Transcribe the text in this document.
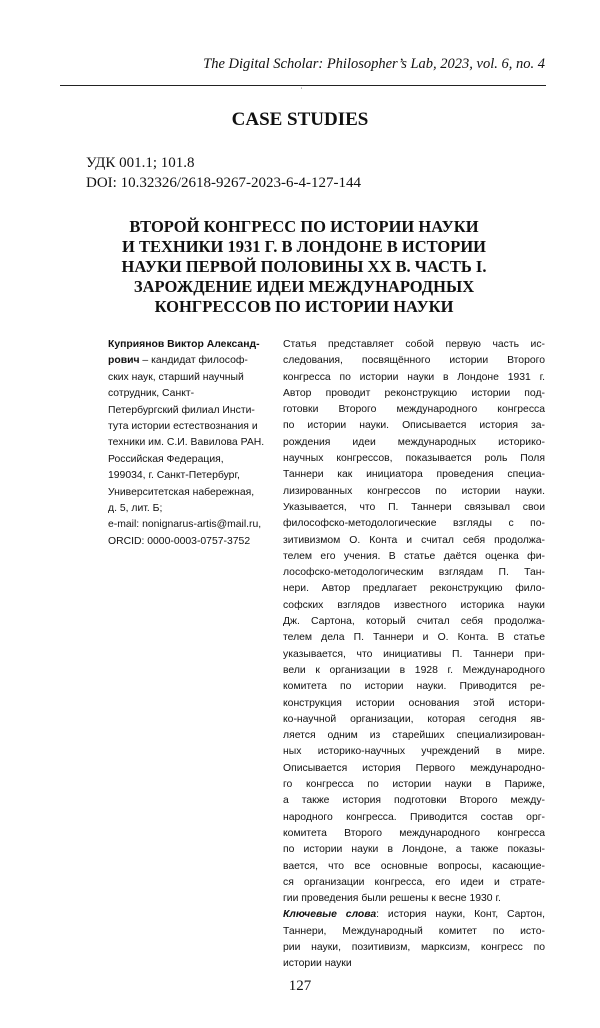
The Digital Scholar: Philosopher’s Lab, 2023, vol. 6, no. 4
˙
CASE STUDIES
УДК 001.1; 101.8
DOI: 10.32326/2618-9267-2023-6-4-127-144
ВТОРОЙ КОНГРЕСС ПО ИСТОРИИ НАУКИ
И ТЕХНИКИ 1931 Г. В ЛОНДОНЕ В ИСТОРИИ
НАУКИ ПЕРВОЙ ПОЛОВИНЫ XX В. ЧАСТЬ I.
ЗАРОЖДЕНИЕ ИДЕИ МЕЖДУНАРОДНЫХ
КОНГРЕССОВ ПО ИСТОРИИ НАУКИ
Куприянов Виктор Александ-
рович – кандидат философ-
ских наук, старший научный
сотрудник, Санкт-
Петербургский филиал Инсти-
тута истории естествознания и
техники им. С.И. Вавилова РАН.
Российская Федерация,
199034, г. Санкт-Петербург,
Университетская набережная,
д. 5, лит. Б;
e-mail: nonignarus-artis@mail.ru,
ORCID: 0000-0003-0757-3752
Статья представляет собой первую часть ис-
следования, посвящённого истории Второго
конгресса по истории науки в Лондоне 1931 г.
Автор проводит реконструкцию истории под-
готовки Второго международного конгресса
по истории науки. Описывается история за-
рождения идеи международных историко-
научных конгрессов, показывается роль Поля
Таннери как инициатора проведения специа-
лизированных конгрессов по истории науки.
Указывается, что П. Таннери связывал свои
философско-методологические взгляды с по-
зитивизмом О. Конта и считал себя продолжа-
телем его учения. В статье даётся оценка фи-
лософско-методологическим взглядам П. Тан-
нери. Автор предлагает реконструкцию фило-
софских взглядов известного историка науки
Дж. Сартона, который считал себя продолжа-
телем дела П. Таннери и О. Конта. В статье
указывается, что инициативы П. Таннери при-
вели к организации в 1928 г. Международного
комитета по истории науки. Приводится ре-
конструкция истории основания этой истори-
ко-научной организации, которая сегодня яв-
ляется одним из старейших специализирован-
ных историко-научных учреждений в мире.
Описывается история Первого международно-
го конгресса по истории науки в Париже,
а также история подготовки Второго между-
народного конгресса. Приводится состав орг-
комитета Второго международного конгресса
по истории науки в Лондоне, а также показы-
вается, что все основные вопросы, касающие-
ся организации конгресса, его идеи и страте-
гии проведения были решены к весне 1930 г.
Ключевые слова: история науки, Конт, Сартон,
Таннери, Международный комитет по исто-
рии науки, позитивизм, марксизм, конгресс по
истории науки
127
